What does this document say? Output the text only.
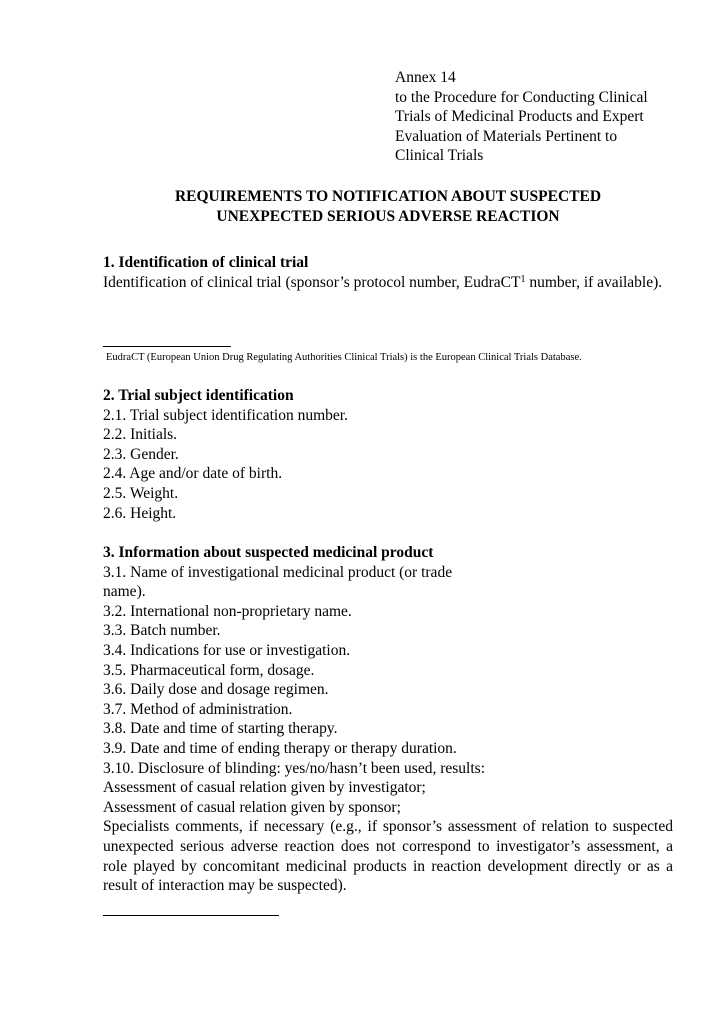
Annex 14
to the Procedure for Conducting Clinical
Trials of Medicinal Products and Expert
Evaluation of Materials Pertinent to
Clinical Trials
REQUIREMENTS TO NOTIFICATION ABOUT SUSPECTED
UNEXPECTED SERIOUS ADVERSE REACTION
1. Identification of clinical trial
Identification of clinical trial (sponsor’s protocol number, EudraCT$^1$ number, if available).
EudraCT (European Union Drug Regulating Authorities Clinical Trials) is the European Clinical Trials Database.
2. Trial subject identification
2.1. Trial subject identification number.
2.2. Initials.
2.3. Gender.
2.4. Age and/or date of birth.
2.5. Weight.
2.6. Height.
3. Information about suspected medicinal product
3.1. Name of investigational medicinal product (or trade
name).
3.2. International non-proprietary name.
3.3. Batch number.
3.4. Indications for use or investigation.
3.5. Pharmaceutical form, dosage.
3.6. Daily dose and dosage regimen.
3.7. Method of administration.
3.8. Date and time of starting therapy.
3.9. Date and time of ending therapy or therapy duration.
3.10. Disclosure of blinding: yes/no/hasn’t been used, results:
Assessment of casual relation given by investigator;
Assessment of casual relation given by sponsor;
Specialists comments, if necessary (e.g., if sponsor’s assessment of relation to suspected unexpected serious adverse reaction does not correspond to investigator’s assessment, a role played by concomitant medicinal products in reaction development directly or as a result of interaction may be suspected).
